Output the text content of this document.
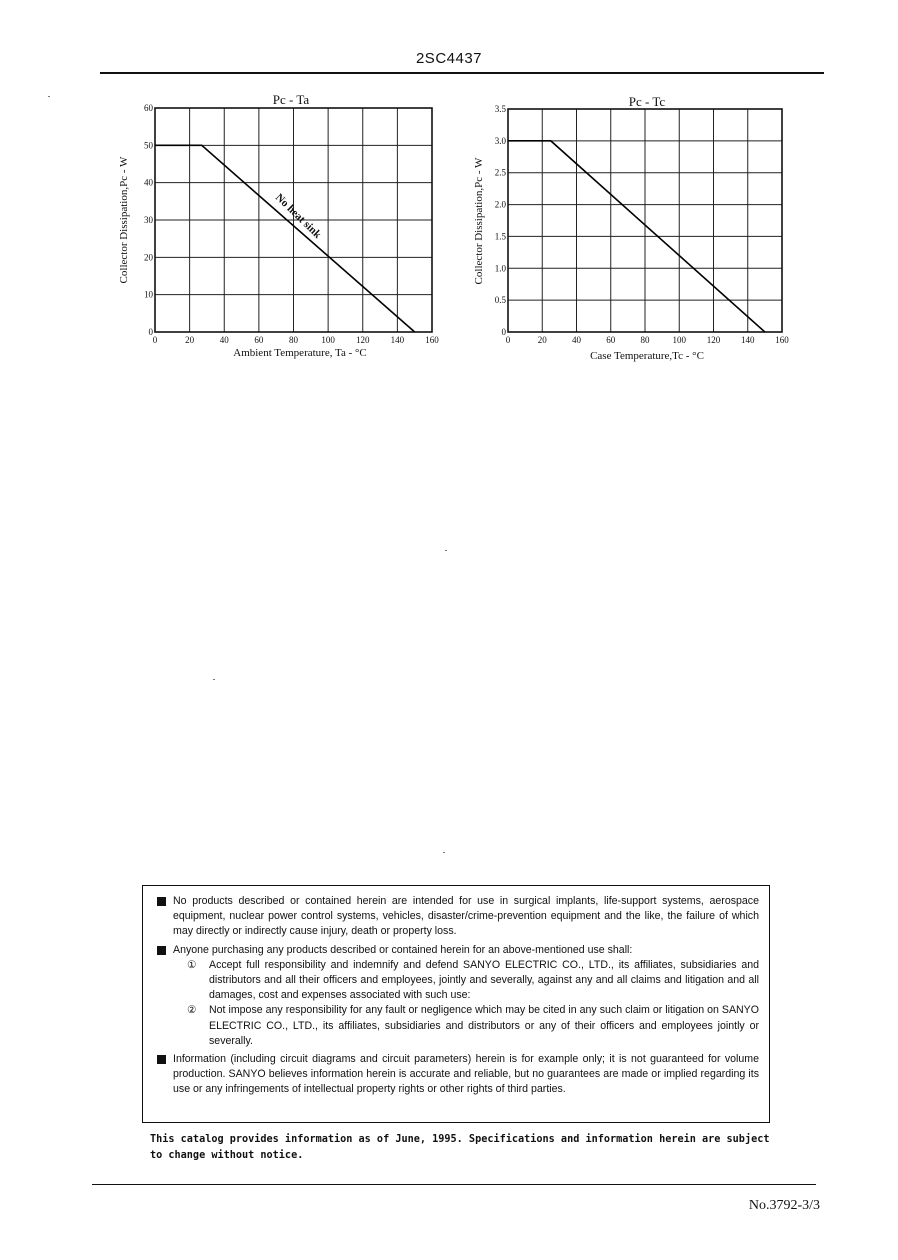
2SC4437
0	20	40	60	80	100 120 140 160
0
10
20
30
40
50
60
Pc - Ta
Collector Dissipation,Pc - W
Ambient Temperature, Ta - °C
No heat sink
0	20	40	60	80	100 120 140 160
0
0.5
1.0
1.5
2.0
2.5
3.0
3.5	Pc - Tc
Collector Dissipation,Pc - W
Case Temperature,Tc - °C
No products described or contained herein are intended for use in surgical implants, life-support systems, aerospace equipment, nuclear power control systems, vehicles, disaster/crime-prevention equipment and the like, the failure of which may directly or indirectly cause injury, death or property loss.
Anyone purchasing any products described or contained herein for an above-mentioned use shall:
① Accept full responsibility and indemnify and defend SANYO ELECTRIC CO., LTD., its affiliates, subsidiaries and distributors and all their officers and employees, jointly and severally, against any and all claims and litigation and all damages, cost and expenses associated with such use:
② Not impose any responsibility for any fault or negligence which may be cited in any such claim or litigation on SANYO ELECTRIC CO., LTD., its affiliates, subsidiaries and distributors or any of their officers and employees jointly or severally.
Information (including circuit diagrams and circuit parameters) herein is for example only; it is not guaranteed for volume production. SANYO believes information herein is accurate and reliable, but no guarantees are made or implied regarding its use or any infringements of intellectual property rights or other rights of third parties.
This catalog provides information as of June, 1995. Specifications and information herein are subject to change without notice.
No.3792-3/3
